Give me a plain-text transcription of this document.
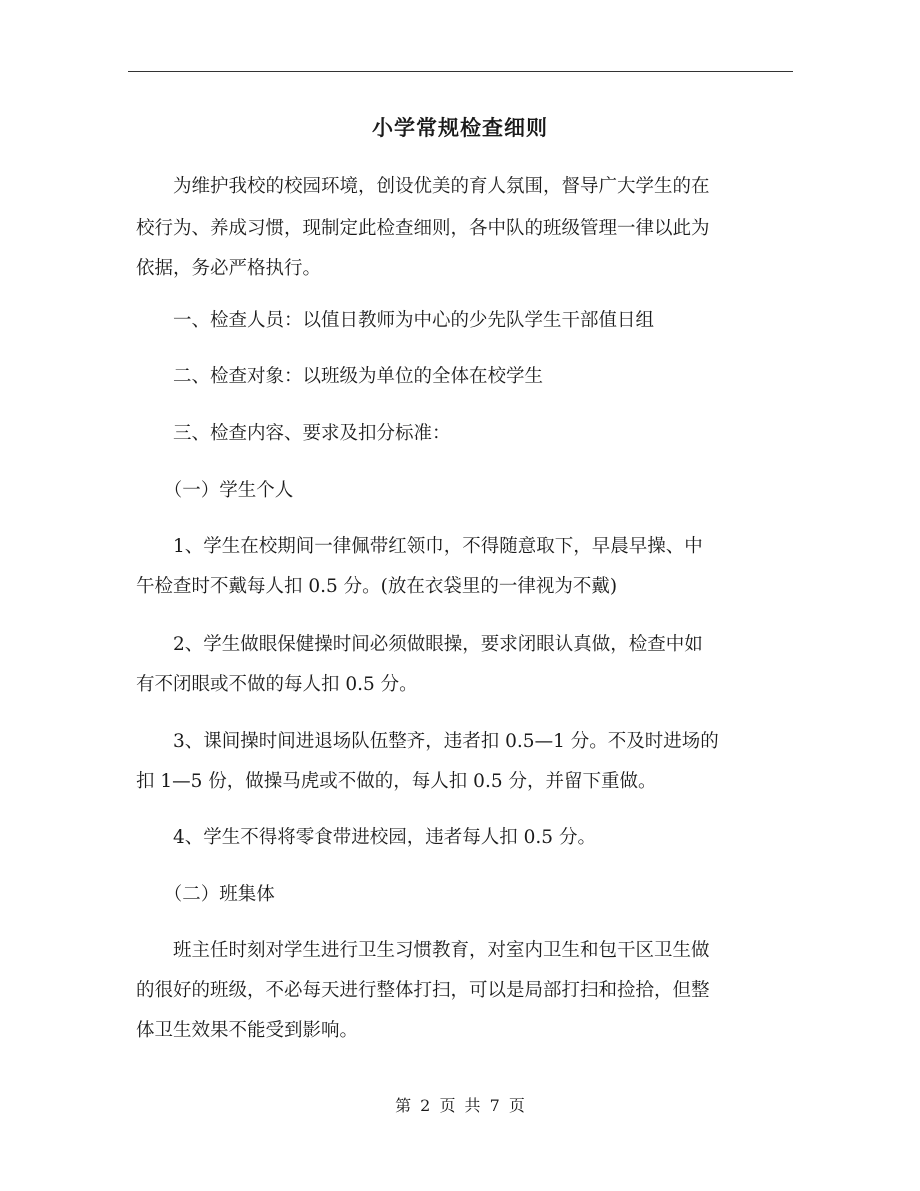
小学常规检查细则
　　为维护我校的校园环境，创设优美的育人氛围，督导广大学生的在
校行为、养成习惯，现制定此检查细则，各中队的班级管理一律以此为
依据，务必严格执行。
　　一、检查人员：以值日教师为中心的少先队学生干部值日组
　　二、检查对象：以班级为单位的全体在校学生
　　三、检查内容、要求及扣分标准：
　　（一）学生个人
　　1、学生在校期间一律佩带红领巾，不得随意取下，早晨早操、中
午检查时不戴每人扣 0.5 分。(放在衣袋里的一律视为不戴)
　　2、学生做眼保健操时间必须做眼操，要求闭眼认真做，检查中如
有不闭眼或不做的每人扣 0.5 分。
　　3、课间操时间进退场队伍整齐，违者扣 0.5—1 分。不及时进场的
扣 1—5 份，做操马虎或不做的，每人扣 0.5 分，并留下重做。
　　4、学生不得将零食带进校园，违者每人扣 0.5 分。
　　（二）班集体
　　班主任时刻对学生进行卫生习惯教育，对室内卫生和包干区卫生做
的很好的班级，不必每天进行整体打扫，可以是局部打扫和捡拾，但整
体卫生效果不能受到影响。
第 2 页 共 7 页
